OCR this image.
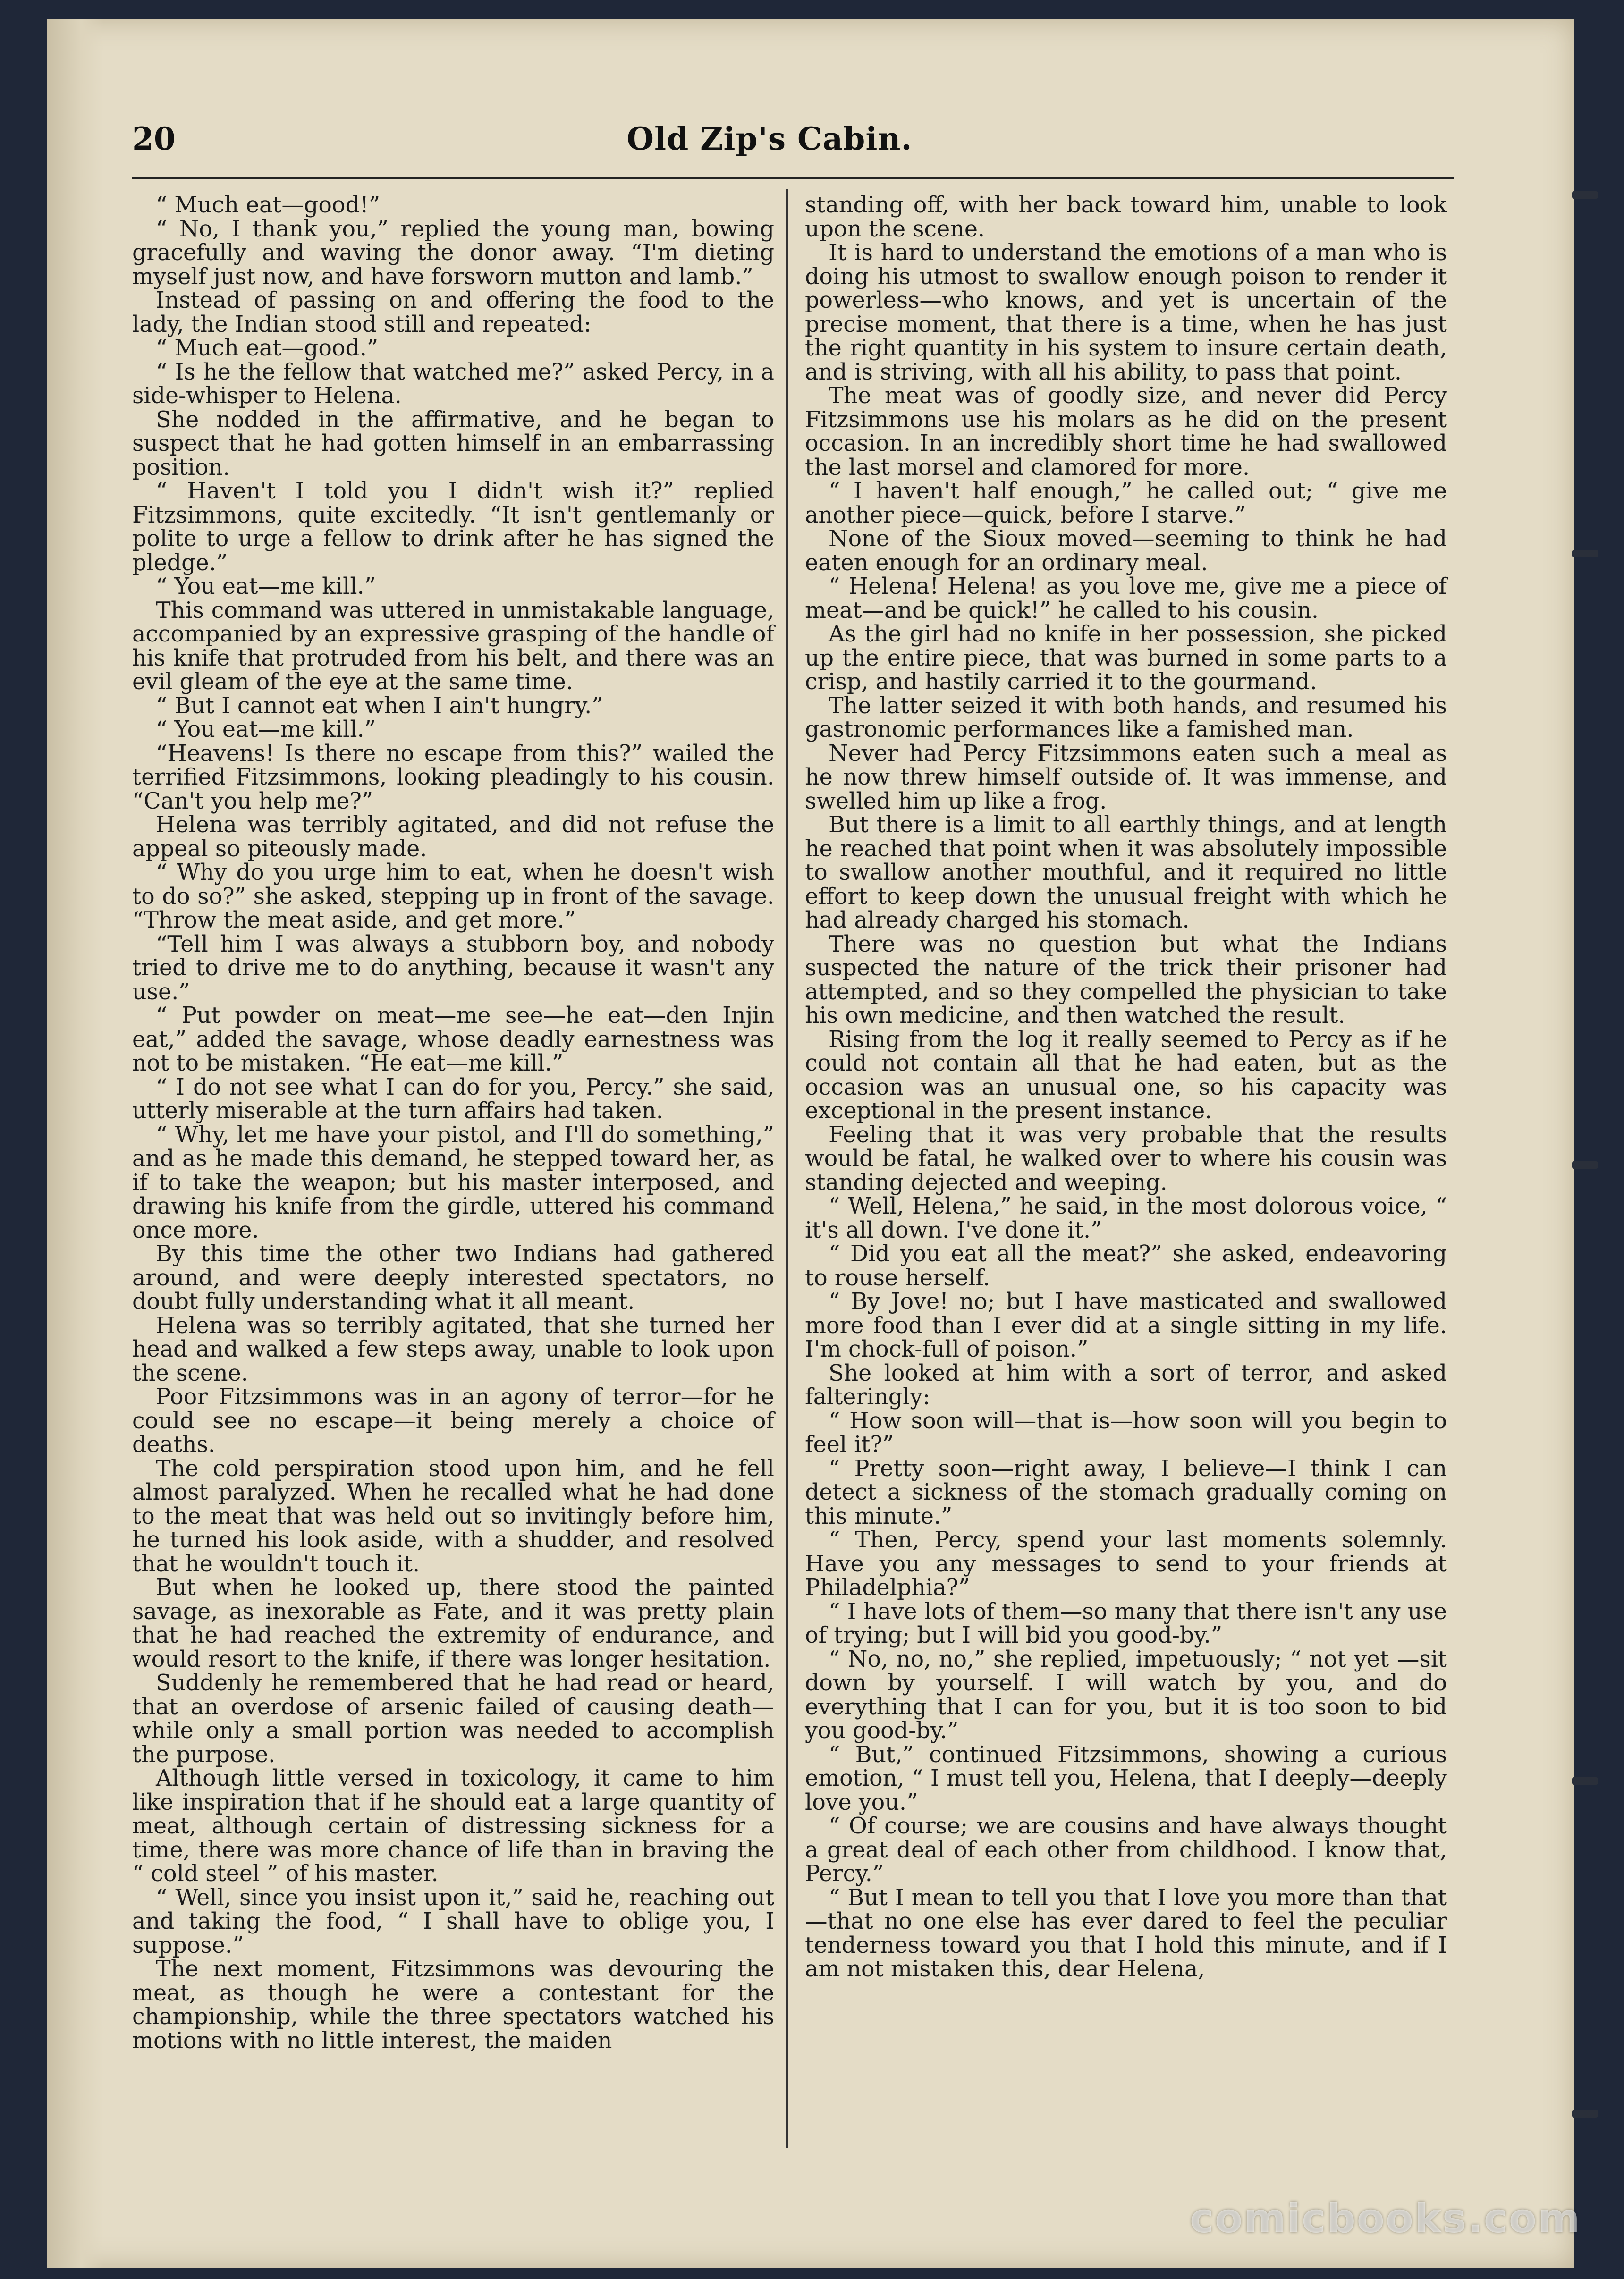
20	Old Zip's Cabin.

“ Much eat—good!”

“ No, I thank you,” replied the young man, bowing gracefully and waving the donor away. “I'm dieting myself just now, and have forsworn mutton and lamb.”

Instead of passing on and offering the food to the lady, the Indian stood still and repeated:

“ Much eat—good.”

“ Is he the fellow that watched me?” asked Percy, in a side-whisper to Helena.

She nodded in the affirmative, and he began to suspect that he had gotten himself in an embarrassing position.

“ Haven't I told you I didn't wish it?” replied Fitzsimmons, quite excitedly. “It isn't gentlemanly or polite to urge a fellow to drink after he has signed the pledge.”

“ You eat—me kill.”

This command was uttered in unmistakable language, accompanied by an expressive grasping of the handle of his knife that protruded from his belt, and there was an evil gleam of the eye at the same time.

“ But I cannot eat when I ain't hungry.”

“ You eat—me kill.”

“Heavens! Is there no escape from this?” wailed the terrified Fitzsimmons, looking pleadingly to his cousin. “Can't you help me?”

Helena was terribly agitated, and did not refuse the appeal so piteously made.

“ Why do you urge him to eat, when he doesn't wish to do so?” she asked, stepping up in front of the savage. “Throw the meat aside, and get more.”

“Tell him I was always a stubborn boy, and nobody tried to drive me to do anything, because it wasn't any use.”

“ Put powder on meat—me see—he eat—den Injin eat,” added the savage, whose deadly earnestness was not to be mistaken. “He eat—me kill.”

“ I do not see what I can do for you, Percy.” she said, utterly miserable at the turn affairs had taken.

“ Why, let me have your pistol, and I'll do something,” and as he made this demand, he stepped toward her, as if to take the weapon; but his master interposed, and drawing his knife from the girdle, uttered his command once more.

By this time the other two Indians had gathered around, and were deeply interested spectators, no doubt fully understanding what it all meant.

Helena was so terribly agitated, that she turned her head and walked a few steps away, unable to look upon the scene.

Poor Fitzsimmons was in an agony of terror—for he could see no escape—it being merely a choice of deaths.

The cold perspiration stood upon him, and he fell almost paralyzed. When he recalled what he had done to the meat that was held out so invitingly before him, he turned his look aside, with a shudder, and resolved that he wouldn't touch it.

But when he looked up, there stood the painted savage, as inexorable as Fate, and it was pretty plain that he had reached the extremity of endurance, and would resort to the knife, if there was longer hesitation.

Suddenly he remembered that he had read or heard, that an overdose of arsenic failed of causing death—while only a small portion was needed to accomplish the purpose.

Although little versed in toxicology, it came to him like inspiration that if he should eat a large quantity of meat, although certain of distressing sickness for a time, there was more chance of life than in braving the “ cold steel ” of his master.

“ Well, since you insist upon it,” said he, reaching out and taking the food, “ I shall have to oblige you, I suppose.”

The next moment, Fitzsimmons was devouring the meat, as though he were a contestant for the championship, while the three spectators watched his motions with no little interest, the maiden

standing off, with her back toward him, unable to look upon the scene.

It is hard to understand the emotions of a man who is doing his utmost to swallow enough poison to render it powerless—who knows, and yet is uncertain of the precise moment, that there is a time, when he has just the right quantity in his system to insure certain death, and is striving, with all his ability, to pass that point.

The meat was of goodly size, and never did Percy Fitzsimmons use his molars as he did on the present occasion. In an incredibly short time he had swallowed the last morsel and clamored for more.

“ I haven't half enough,” he called out; “ give me another piece—quick, before I starve.”

None of the Sioux moved—seeming to think he had eaten enough for an ordinary meal.

“ Helena! Helena! as you love me, give me a piece of meat—and be quick!” he called to his cousin.

As the girl had no knife in her possession, she picked up the entire piece, that was burned in some parts to a crisp, and hastily carried it to the gourmand.

The latter seized it with both hands, and resumed his gastronomic performances like a famished man.

Never had Percy Fitzsimmons eaten such a meal as he now threw himself outside of. It was immense, and swelled him up like a frog.

But there is a limit to all earthly things, and at length he reached that point when it was absolutely impossible to swallow another mouthful, and it required no little effort to keep down the unusual freight with which he had already charged his stomach.

There was no question but what the Indians suspected the nature of the trick their prisoner had attempted, and so they compelled the physician to take his own medicine, and then watched the result.

Rising from the log it really seemed to Percy as if he could not contain all that he had eaten, but as the occasion was an unusual one, so his capacity was exceptional in the present instance.

Feeling that it was very probable that the results would be fatal, he walked over to where his cousin was standing dejected and weeping.

“ Well, Helena,” he said, in the most dolorous voice, “ it's all down. I've done it.”

“ Did you eat all the meat?” she asked, endeavoring to rouse herself.

“ By Jove! no; but I have masticated and swallowed more food than I ever did at a single sitting in my life. I'm chock-full of poison.”

She looked at him with a sort of terror, and asked falteringly:

“ How soon will—that is—how soon will you begin to feel it?”

“ Pretty soon—right away, I believe—I think I can detect a sickness of the stomach gradually coming on this minute.”

“ Then, Percy, spend your last moments solemnly. Have you any messages to send to your friends at Philadelphia?”

“ I have lots of them—so many that there isn't any use of trying; but I will bid you good-by.”

“ No, no, no,” she replied, impetuously; “ not yet —sit down by yourself. I will watch by you, and do everything that I can for you, but it is too soon to bid you good-by.”

“ But,” continued Fitzsimmons, showing a curious emotion, “ I must tell you, Helena, that I deeply—deeply love you.”

“ Of course; we are cousins and have always thought a great deal of each other from childhood. I know that, Percy.”

“ But I mean to tell you that I love you more than that—that no one else has ever dared to feel the peculiar tenderness toward you that I hold this minute, and if I am not mistaken this, dear Helena,

comicbooks.com
